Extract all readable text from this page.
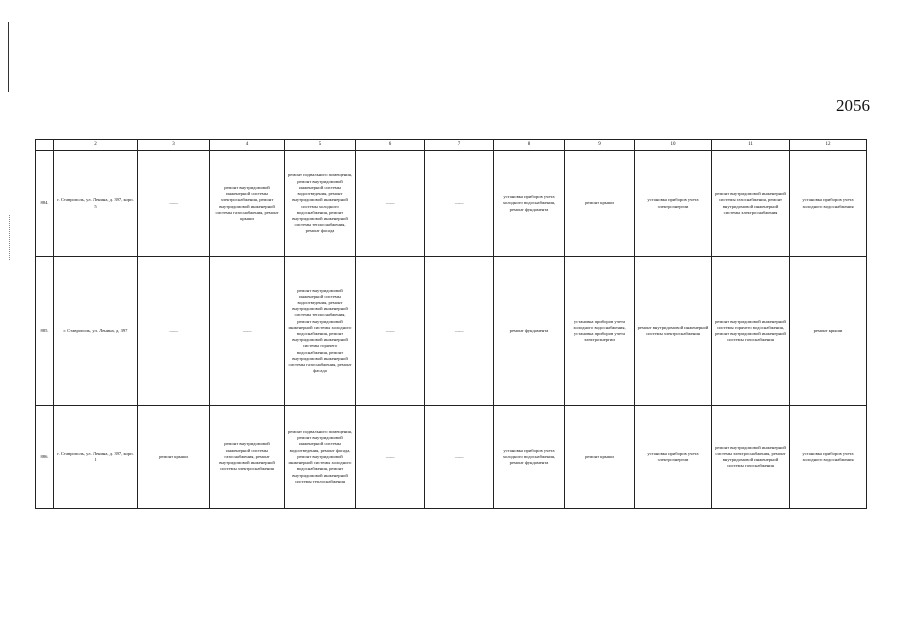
2056
	2	3	4	5	6	7	8	9	10	11	12
884.	г. Ставрополь, ул. Ленина, д. 397, корп. 5	——	ремонт внутридомовой инженерной системы электроснабжения, ремонт внутридомовой инженерной системы газоснабжения, ремонт крыши	ремонт подвального помещения, ремонт внутридомовой инженерной системы водоотведения, ремонт внутридомовой инженерной системы холодного водоснабжения, ремонт внутридомовой инженерной системы теплоснабжения, ремонт фасада	——	——	установка приборов учета холодного водоснабжения, ремонт фундамента	ремонт крыши	установка приборов учета электроэнергии	ремонт внутридомовой инженерной системы газоснабжения, ремонт внутридомовой инженерной системы электроснабжения	установка приборов учета холодного водоснабжения
885.	г. Ставрополь, ул. Ленина, д. 397	——	——	ремонт внутридомовой инженерной системы водоотведения, ремонт внутридомовой инженерной системы теплоснабжения, ремонт внутридомовой инженерной системы холодного водоснабжения, ремонт внутридомовой инженерной системы горячего водоснабжения, ремонт внутридомовой инженерной системы газоснабжения, ремонт фасада	——	——	ремонт фундамента	установка приборов учета холодного водоснабжения, установка приборов учета электроэнергии	ремонт внутридомовой инженерной системы электроснабжения	ремонт внутридомовой инженерной системы горячего водоснабжения, ремонт внутридомовой инженерной системы газоснабжения	ремонт крыши
886.	г. Ставрополь, ул. Ленина, д. 397, корп. 1	ремонт крыши	ремонт внутридомовой инженерной системы газоснабжения, ремонт внутридомовой инженерной системы электроснабжения	ремонт подвального помещения, ремонт внутридомовой инженерной системы водоотведения, ремонт фасада, ремонт внутридомовой инженерной системы холодного водоснабжения, ремонт внутридомовой инженерной системы теплоснабжения	——	——	установка приборов учета холодного водоснабжения, ремонт фундамента	ремонт крыши	установка приборов учета электроэнергии	ремонт внутридомовой инженерной системы электроснабжения, ремонт внутридомовой инженерной системы газоснабжения	установка приборов учета холодного водоснабжения
